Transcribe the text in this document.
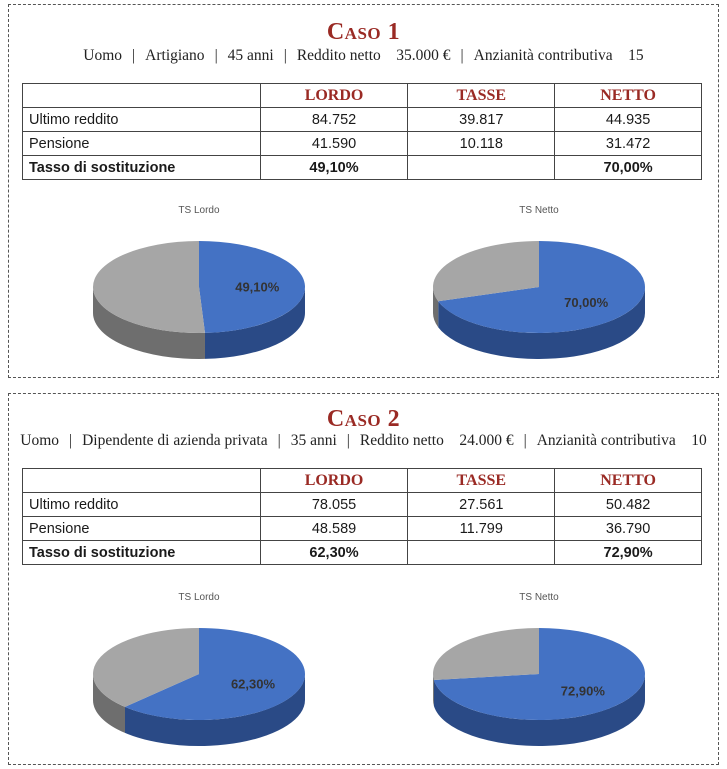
Caso 1
Uomo | Artigiano | 45 anni | Reddito netto    35.000 € | Anzianità contributiva    15
	LORDO	TASSE	NETTO
Ultimo reddito	84.752	39.817	44.935
Pensione	41.590	10.118	31.472
Tasso di sostituzione	49,10%		70,00%
TS Lordo
49,10%
TS Netto
70,00%
Caso 2
Uomo | Dipendente di azienda privata | 35 anni | Reddito netto    24.000 € | Anzianità contributiva    10
	LORDO	TASSE	NETTO
Ultimo reddito	78.055	27.561	50.482
Pensione	48.589	11.799	36.790
Tasso di sostituzione	62,30%		72,90%
TS Lordo
62,30%
TS Netto
72,90%
